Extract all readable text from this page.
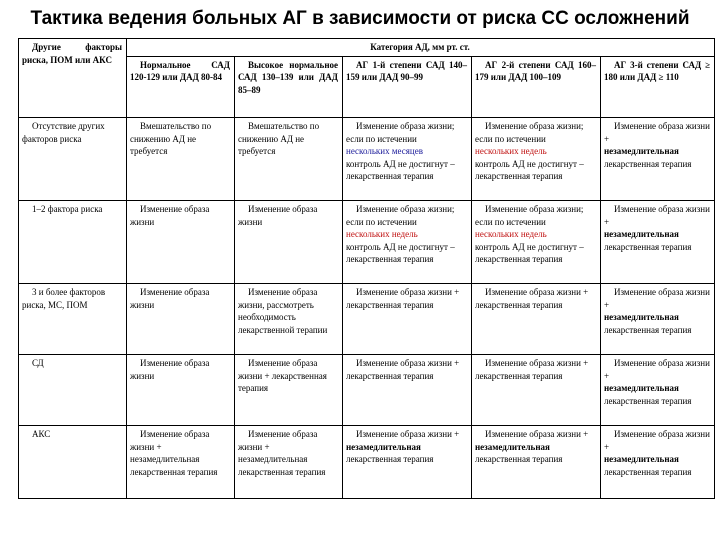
Тактика ведения больных АГ в зависимости от риска СС осложнений
Другие факторы риска, ПОМ или АКС	Категория АД, мм рт. ст.				

	Нормальное САД 120-129 или ДАД 80-84	Высокое нормальное САД 130–139 или ДАД 85–89	АГ 1-й степени САД 140–159 или ДАД 90–99	АГ 2-й степени САД 160–179 или ДАД 100–109	АГ 3-й степени САД ≥ 180 или ДАД ≥ 110

Отсутствие других факторов риска	Вмешательство по снижению АД не требуется	Вмешательство по снижению АД не требуется	Изменение образа жизни; если по истечении
нескольких месяцев
контроль АД не достигнут – лекарственная терапия	Изменение образа жизни; если по истечении
нескольких недель
контроль АД не достигнут – лекарственная терапия	Изменение образа жизни +
незамедлительная
лекарственная терапия

1–2 фактора риска	Изменение образа жизни	Изменение образа жизни	Изменение образа жизни; если по истечении
нескольких недель
контроль АД не достигнут – лекарственная терапия	Изменение образа жизни; если по истечении
нескольких недель
контроль АД не достигнут – лекарственная терапия	Изменение образа жизни +
незамедлительная
лекарственная терапия

3 и более факторов риска, МС, ПОМ	Изменение образа жизни	Изменение образа жизни, рассмотреть необходимость лекарственной терапии	Изменение образа жизни + лекарственная терапия	Изменение образа жизни + лекарственная терапия	Изменение образа жизни +
незамедлительная
лекарственная терапия

СД	Изменение образа жизни	Изменение образа жизни + лекарственная терапия	Изменение образа жизни + лекарственная терапия	Изменение образа жизни + лекарственная терапия	Изменение образа жизни +
незамедлительная
лекарственная терапия

АКС	Изменение образа жизни + незамедлительная лекарственная терапия	Изменение образа жизни + незамедлительная лекарственная терапия	Изменение образа жизни +
незамедлительная
лекарственная терапия	Изменение образа жизни +
незамедлительная
лекарственная терапия	Изменение образа жизни +
незамедлительная
лекарственная терапия
